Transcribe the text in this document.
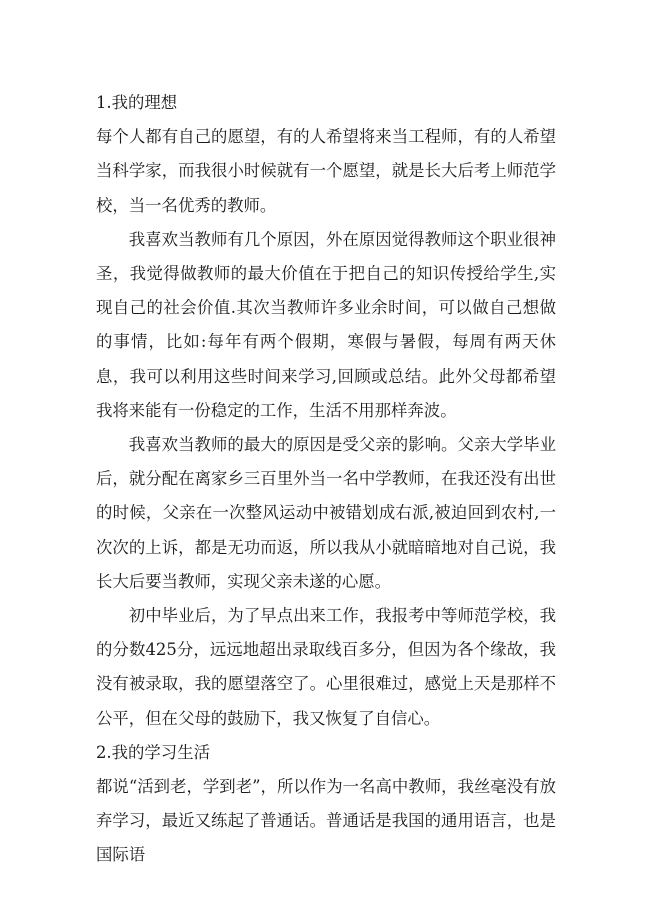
1.我的理想

每个人都有自己的愿望，有的人希望将来当工程师，有的人希望当科学家，而我很小时候就有一个愿望，就是长大后考上师范学校，当一名优秀的教师。

我喜欢当教师有几个原因，外在原因觉得教师这个职业很神圣，我觉得做教师的最大价值在于把自己的知识传授给学生,实现自己的社会价值.其次当教师许多业余时间，可以做自己想做的事情，比如:每年有两个假期，寒假与暑假，每周有两天休息，我可以利用这些时间来学习,回顾或总结。此外父母都希望我将来能有一份稳定的工作，生活不用那样奔波。

我喜欢当教师的最大的原因是受父亲的影响。父亲大学毕业后，就分配在离家乡三百里外当一名中学教师，在我还没有出世的时候，父亲在一次整风运动中被错划成右派,被迫回到农村,一次次的上诉，都是无功而返，所以我从小就暗暗地对自己说，我长大后要当教师，实现父亲未遂的心愿。

初中毕业后，为了早点出来工作，我报考中等师范学校，我的分数425分，远远地超出录取线百多分，但因为各个缘故，我没有被录取，我的愿望落空了。心里很难过，感觉上天是那样不公平，但在父母的鼓励下，我又恢复了自信心。

2.我的学习生活

都说“活到老，学到老”，所以作为一名高中教师，我丝毫没有放弃学习，最近又练起了普通话。普通话是我国的通用语言，也是国际语
